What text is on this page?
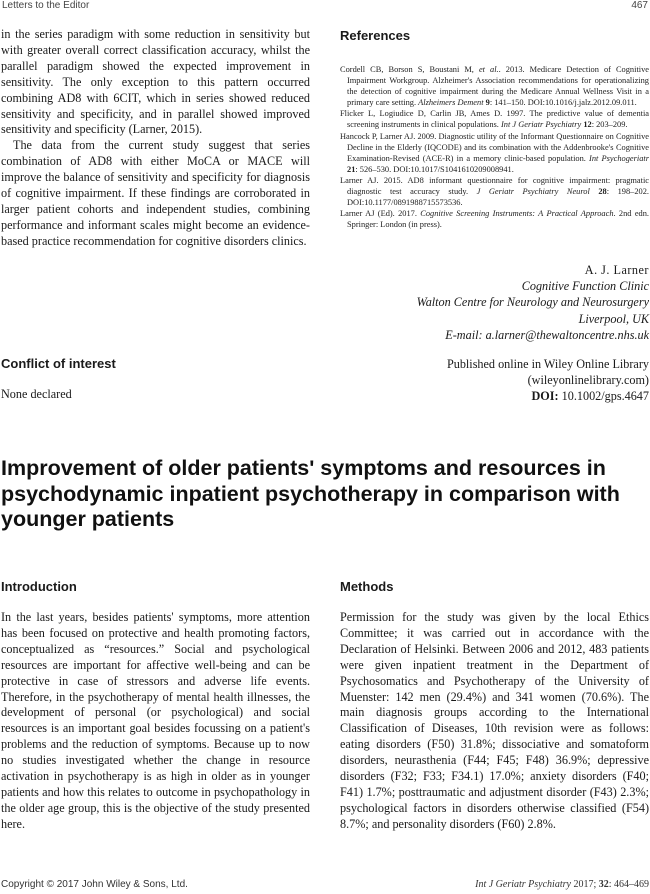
Letters to the Editor	467

in the series paradigm with some reduction in sensitivity but with greater overall correct classification accuracy, whilst the parallel paradigm showed the expected improvement in sensitivity. The only exception to this pattern occurred combining AD8 with 6CIT, which in series showed reduced sensitivity and specificity, and in parallel showed improved sensitivity and specificity (Larner, 2015).

The data from the current study suggest that series combination of AD8 with either MoCA or MACE will improve the balance of sensitivity and specificity for diagnosis of cognitive impairment. If these findings are corroborated in larger patient cohorts and independent studies, combining performance and informant scales might become an evidence-based practice recommendation for cognitive disorders clinics.

Conflict of interest
None declared
References

Cordell CB, Borson S, Boustani M, et al.. 2013. Medicare Detection of Cognitive Impairment Workgroup. Alzheimer's Association recommendations for operationalizing the detection of cognitive impairment during the Medicare Annual Wellness Visit in a primary care setting. Alzheimers Dement 9: 141–150. DOI:10.1016/j.jalz.2012.09.011.

Flicker L, Logiudice D, Carlin JB, Ames D. 1997. The predictive value of dementia screening instruments in clinical populations. Int J Geriatr Psychiatry 12: 203–209.

Hancock P, Larner AJ. 2009. Diagnostic utility of the Informant Questionnaire on Cognitive Decline in the Elderly (IQCODE) and its combination with the Addenbrooke's Cognitive Examination-Revised (ACE-R) in a memory clinic-based population. Int Psychogeriatr 21: 526–530. DOI:10.1017/S1041610209008941.

Larner AJ. 2015. AD8 informant questionnaire for cognitive impairment: pragmatic diagnostic test accuracy study. J Geriatr Psychiatry Neurol 28: 198–202. DOI:10.1177/0891988715573536.

Larner AJ (Ed). 2017. Cognitive Screening Instruments: A Practical Approach. 2nd edn. Springer: London (in press).

A. J. Larner
Cognitive Function Clinic
Walton Centre for Neurology and Neurosurgery
Liverpool, UK
E-mail: a.larner@thewaltoncentre.nhs.uk
Published online in Wiley Online Library
(wileyonlinelibrary.com)
DOI: 10.1002/gps.4647
Improvement of older patients' symptoms and resources in psychodynamic inpatient psychotherapy in comparison with younger patients
Introduction
In the last years, besides patients' symptoms, more attention has been focused on protective and health promoting factors, conceptualized as “resources.” Social and psychological resources are important for affective well-being and can be protective in case of stressors and adverse life events. Therefore, in the psychotherapy of mental health illnesses, the development of personal (or psychological) and social resources is an important goal besides focussing on a patient's problems and the reduction of symptoms. Because up to now no studies investigated whether the change in resource activation in psychotherapy is as high in older as in younger patients and how this relates to outcome in psychopathology in the older age group, this is the objective of the study presented here.
Methods
Permission for the study was given by the local Ethics Committee; it was carried out in accordance with the Declaration of Helsinki. Between 2006 and 2012, 483 patients were given inpatient treatment in the Department of Psychosomatics and Psychotherapy of the University of Muenster: 142 men (29.4%) and 341 women (70.6%). The main diagnosis groups according to the International Classification of Diseases, 10th revision were as follows: eating disorders (F50) 31.8%; dissociative and somatoform disorders, neurasthenia (F44; F45; F48) 36.9%; depressive disorders (F32; F33; F34.1) 17.0%; anxiety disorders (F40; F41) 1.7%; posttraumatic and adjustment disorder (F43) 2.3%; psychological factors in disorders otherwise classified (F54) 8.7%; and personality disorders (F60) 2.8%.
Copyright © 2017 John Wiley & Sons, Ltd.	Int J Geriatr Psychiatry 2017; 32: 464–469
